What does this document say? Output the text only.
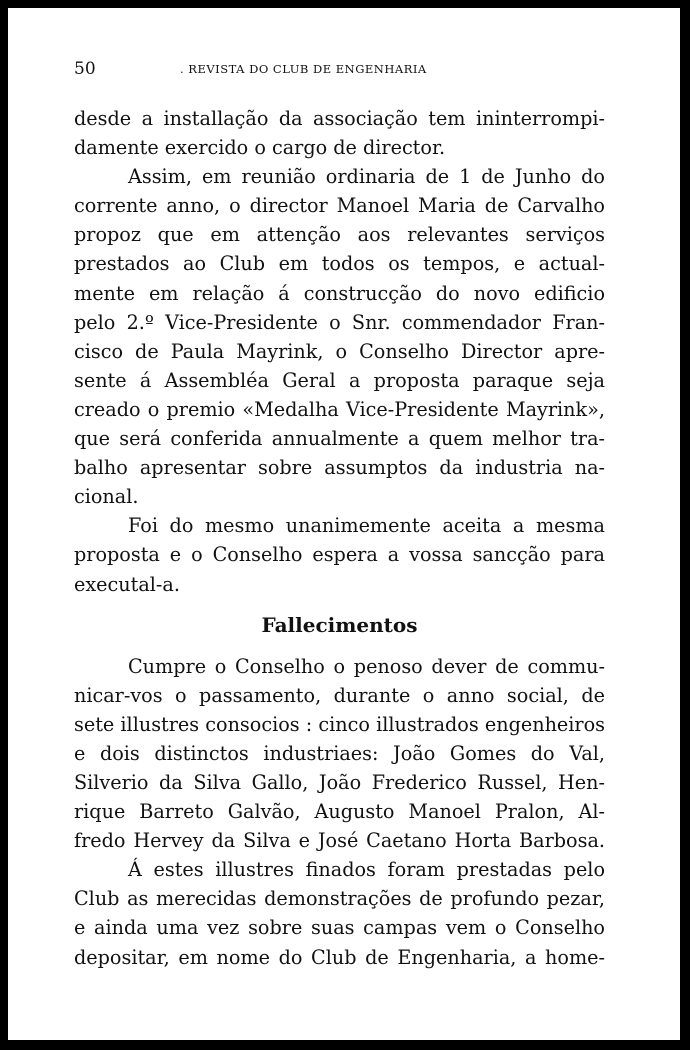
50	. REVISTA DO CLUB DE ENGENHARIA
desde a installação da associação tem ininterrompi-
damente exercido o cargo de director.
Assim, em reunião ordinaria de 1 de Junho do
corrente anno, o director Manoel Maria de Carvalho
propoz que em attenção aos relevantes serviços
prestados ao Club em todos os tempos, e actual-
mente em relação á construcção do novo edificio
pelo 2.º Vice-Presidente o Snr. commendador Fran-
cisco de Paula Mayrink, o Conselho Director apre-
sente á Assembléa Geral a proposta paraque seja
creado o premio «Medalha Vice-Presidente Mayrink»,
que será conferida annualmente a quem melhor tra-
balho apresentar sobre assumptos da industria na-
cional.
Foi do mesmo unanimemente aceita a mesma
proposta e o Conselho espera a vossa sancção para
executal-a.
Fallecimentos
Cumpre o Conselho o penoso dever de commu-
nicar-vos o passamento, durante o anno social, de
sete illustres consocios : cinco illustrados engenheiros
e dois distinctos industriaes: João Gomes do Val,
Silverio da Silva Gallo, João Frederico Russel, Hen-
rique Barreto Galvão, Augusto Manoel Pralon, Al-
fredo Hervey da Silva e José Caetano Horta Barbosa.
Á estes illustres finados foram prestadas pelo
Club as merecidas demonstrações de profundo pezar,
e ainda uma vez sobre suas campas vem o Conselho
depositar, em nome do Club de Engenharia, a home-
